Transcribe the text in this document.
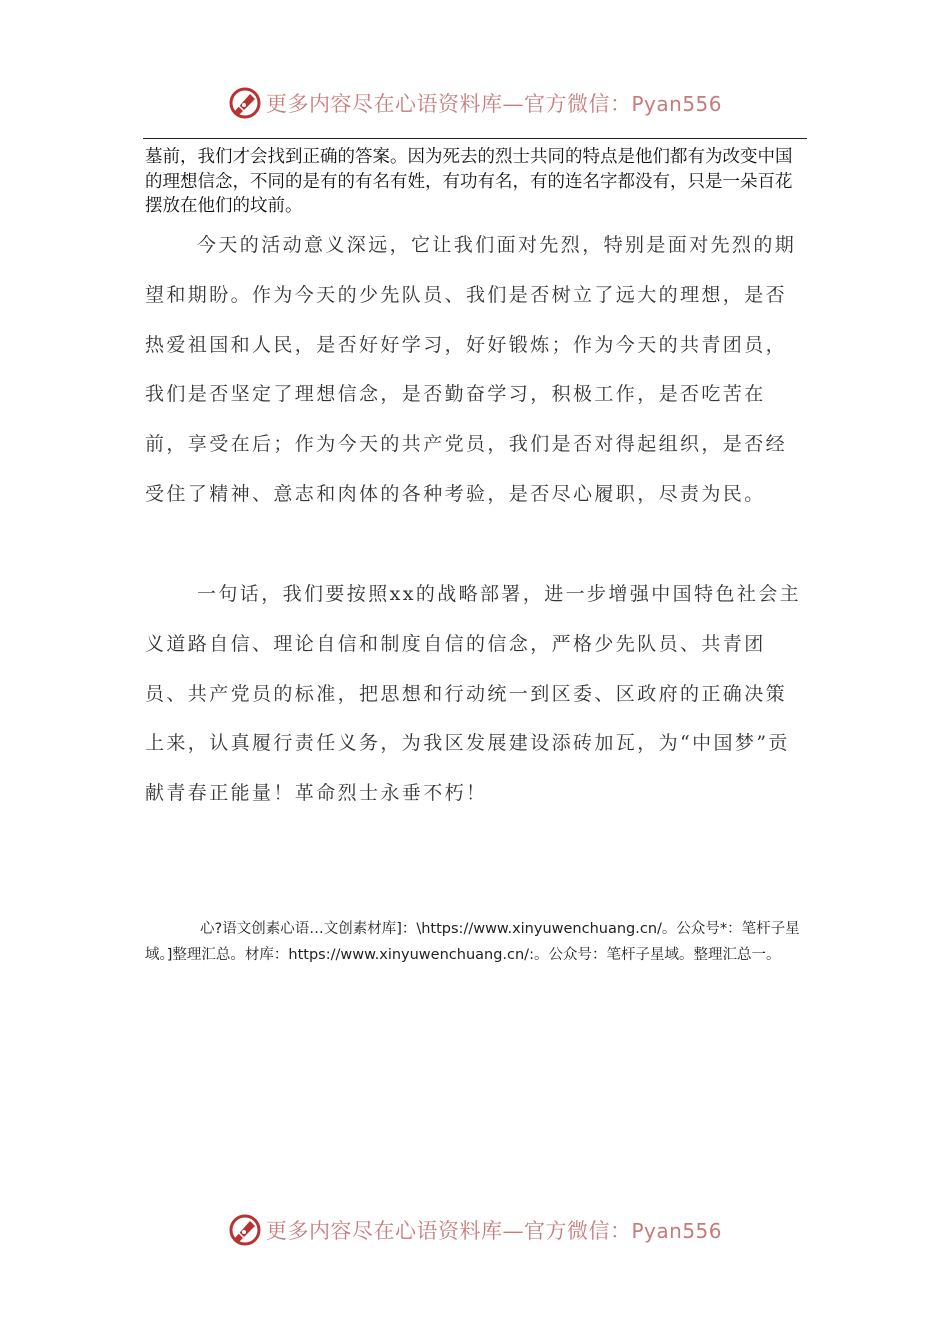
更多内容尽在心语资料库—官方微信：Pyan556

墓前，我们才会找到正确的答案。因为死去的烈士共同的特点是他们都有为改变中国的理想信念，不同的是有的有名有姓，有功有名，有的连名字都没有，只是一朵百花摆放在他们的坟前。

今天的活动意义深远，它让我们面对先烈，特别是面对先烈的期望和期盼。作为今天的少先队员、我们是否树立了远大的理想，是否热爱祖国和人民，是否好好学习，好好锻炼；作为今天的共青团员，我们是否坚定了理想信念，是否勤奋学习，积极工作，是否吃苦在前，享受在后；作为今天的共产党员，我们是否对得起组织，是否经受住了精神、意志和肉体的各种考验，是否尽心履职，尽责为民。

一句话，我们要按照xx的战略部署，进一步增强中国特色社会主义道路自信、理论自信和制度自信的信念，严格少先队员、共青团员、共产党员的标准，把思想和行动统一到区委、区政府的正确决策上来，认真履行责任义务，为我区发展建设添砖加瓦，为“中国梦”贡献青春正能量！革命烈士永垂不朽！

心?语文创素心语…文创素材库]：\https://www.xinyuwenchuang.cn/。公众号*：笔杆子星域。]整理汇总。材库：https://www.xinyuwenchuang.cn/:。公众号：笔杆子星域。整理汇总一。

更多内容尽在心语资料库—官方微信：Pyan556
